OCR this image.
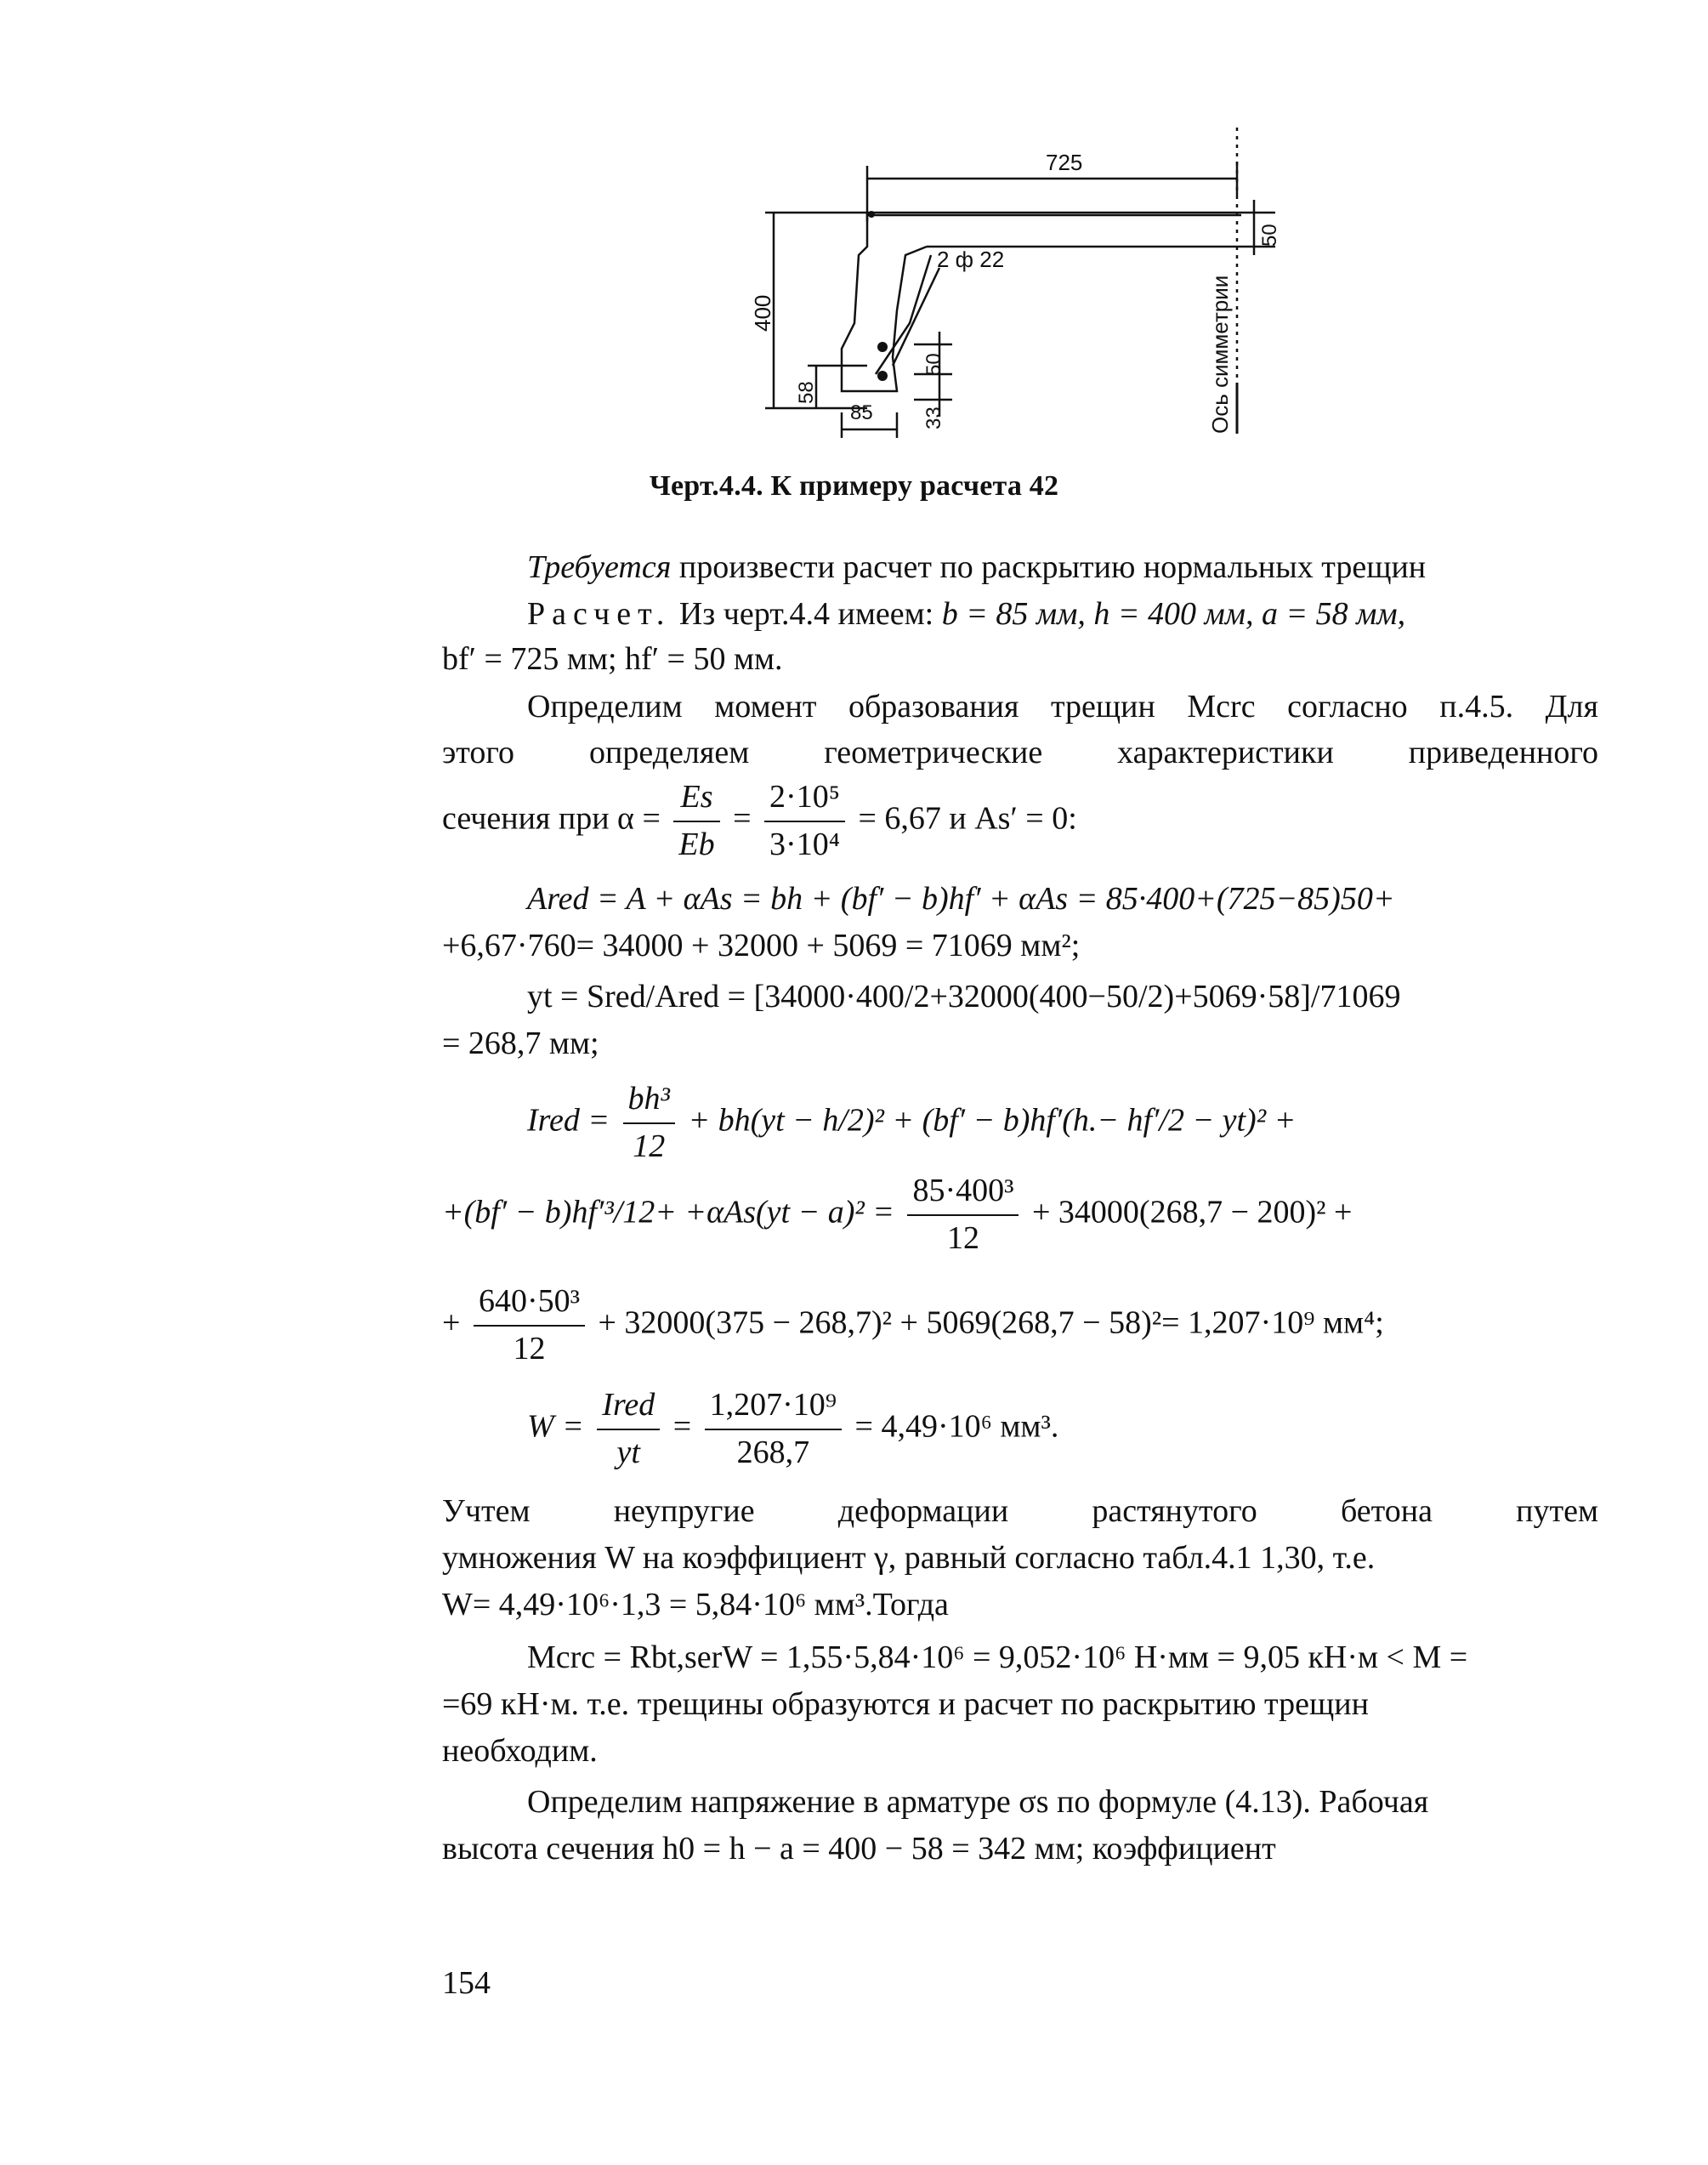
725
50
400
2 ф 22
50
58
85 33	Ось симметрии
Черт.4.4. К примеру расчета 42
Требуется произвести расчет по раскрытию нормальных трещин
Расчет. Из черт.4.4 имеем: b = 85 мм, h = 400 мм, a = 58 мм,
bf′ = 725 мм; hf′ = 50 мм.
Определим момент образования трещин Mcrc согласно п.4.5. Для
этого определяем геометрические характеристики приведенного
сечения при $\alpha = \frac{Es}{Eb} = \frac{\text{2·10⁵}}{\text{3·10⁴}} = 6,67$ и As′ = 0:
Ared = A + αAs = bh + (bf′ − b)hf′ + αAs = 85·400+(725−85)50+
+6,67·760= 34000 + 32000 + 5069 = 71069 мм²;
yt = Sred/Ared = [34000·400/2+32000(400−50/2)+5069·58]/71069
= 268,7 мм;
Ired = $\frac{\text{bh³}}{12} + bh(yt - h/2)^2 + (bf' - b)hf'(h.- hf'/2 - yt)^2$ +
$+(bf' - b)hf'^3/12+ +\alpha As(yt - a)^2 = \frac{\text{85·400³}}{12} + 34000(268,7 - 200)^2$ +
+ $\frac{\text{640·50³}}{12} + 32000(375 - 268,7)^2 + 5069(268,7 - 58)^2= 1,207\cdot 10^9$ мм⁴;
$W = \frac{\text{Ired}}{yt} = \frac{\text{1,207·10⁹}}{268,7} = 4,49\cdot 10^6$ мм³.
Учтем неупругие деформации растянутого бетона путем
умножения W на коэффициент γ, равный согласно табл.4.1 1,30, т.е.
W= 4,49·10⁶·1,3 = 5,84·10⁶ мм³.Тогда
Mcrc = Rbt,serW = 1,55·5,84·10⁶ = 9,052·10⁶ Н·мм = 9,05 кН·м < M =
=69 кН·м. т.е. трещины образуются и расчет по раскрытию трещин
необходим.
Определим напряжение в арматуре σs по формуле (4.13). Рабочая
высота сечения h0 = h − a = 400 − 58 = 342 мм; коэффициент
154
